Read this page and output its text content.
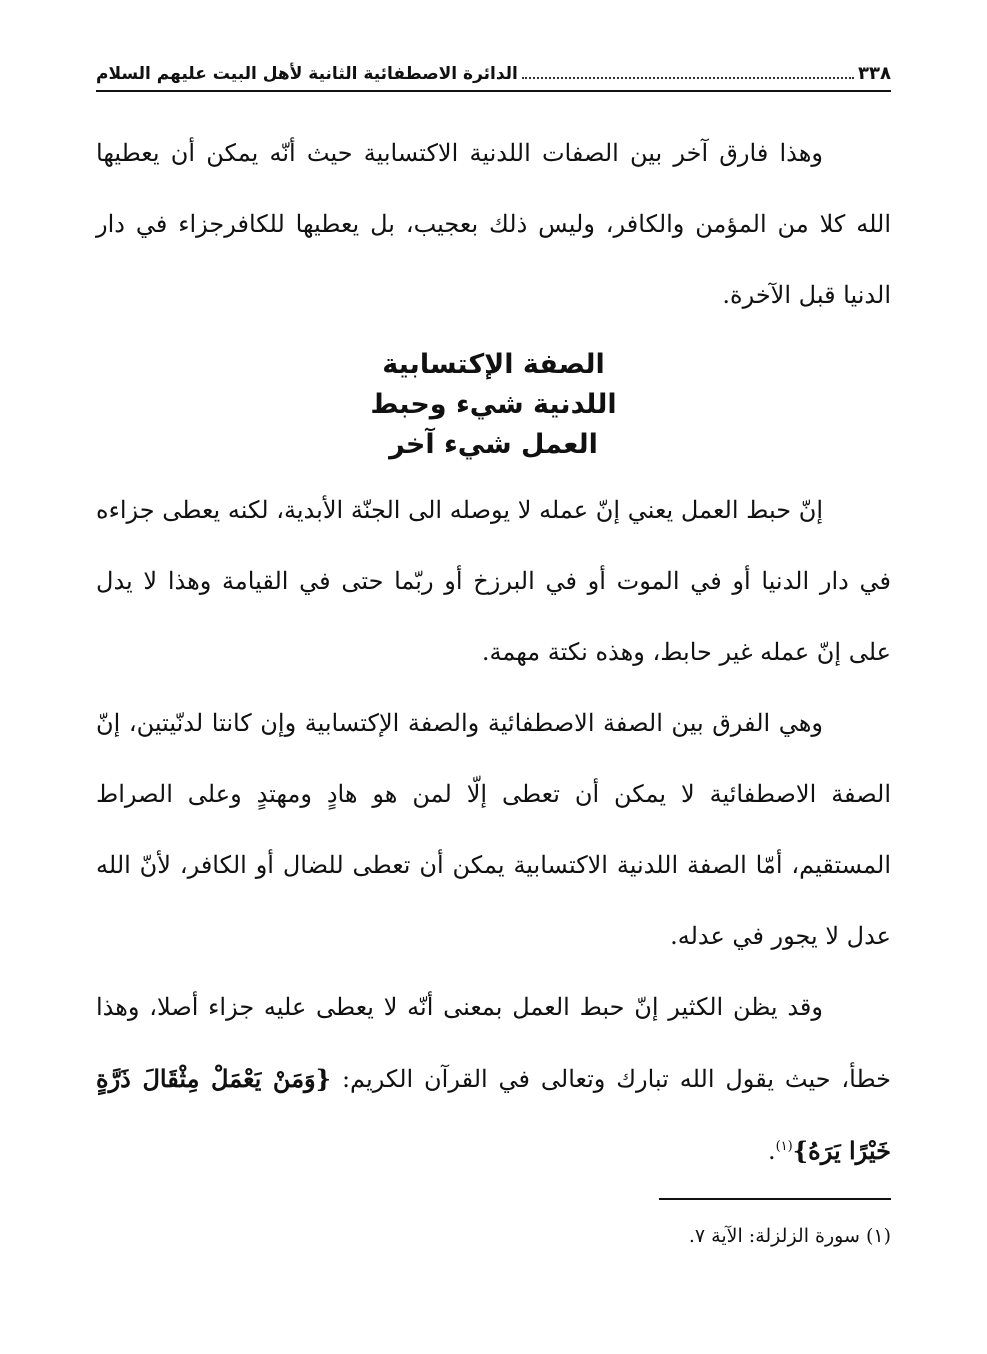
٣٣٨
الدائرة الاصطفائية الثانية لأهل البيت عليهم السلام

وهذا فارق آخر بين الصفات اللدنية الاكتسابية حيث أنّه يمكن أن يعطيها الله كلا من المؤمن والكافر، وليس ذلك بعجيب، بل يعطيها للكافرجزاء في دار الدنيا قبل الآخرة.

الصفة الإكتسابية
اللدنية شيء وحبط
العمل شيء آخر

إنّ حبط العمل يعني إنّ عمله لا يوصله الى الجنّة الأبدية، لكنه يعطى جزاءه في دار الدنيا أو في الموت أو في البرزخ أو ربّما حتى في القيامة وهذا لا يدل على إنّ عمله غير حابط، وهذه نكتة مهمة.

وهي الفرق بين الصفة الاصطفائية والصفة الإكتسابية وإن كانتا لدنّيتين، إنّ الصفة الاصطفائية لا يمكن أن تعطى إلّا لمن هو هادٍ ومهتدٍ وعلى الصراط المستقيم، أمّا الصفة اللدنية الاكتسابية يمكن أن تعطى للضال أو الكافر، لأنّ الله عدل لا يجور في عدله.

وقد يظن الكثير إنّ حبط العمل بمعنى أنّه لا يعطى عليه جزاء أصلا، وهذا خطأ، حيث يقول الله تبارك وتعالى في القرآن الكريم: {وَمَنْ يَعْمَلْ مِثْقَالَ ذَرَّةٍ خَيْرًا يَرَهُ}$^{(١)}$.

(١) سورة الزلزلة: الآية ٧.
